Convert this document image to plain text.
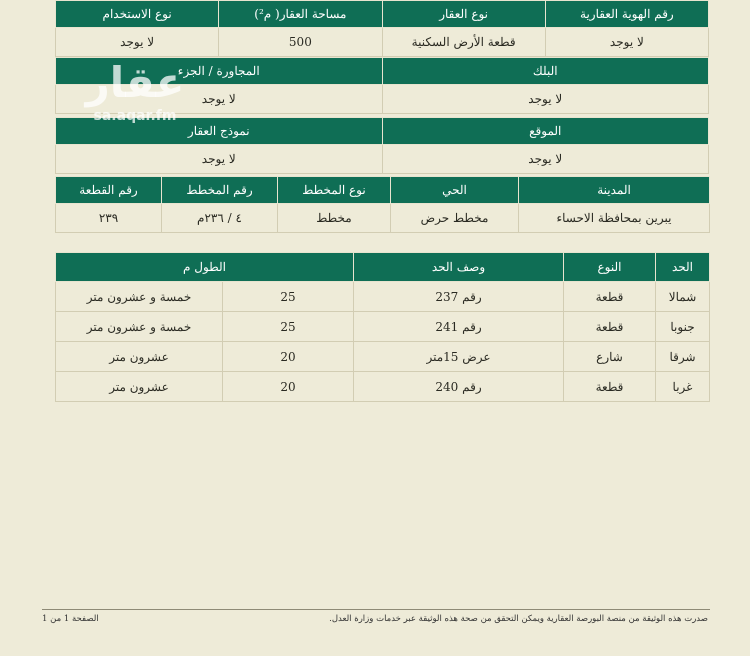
رقم الهوية العقارية	نوع العقار	مساحة العقار( م²)	نوع الاستخدام
لا يوجد	قطعة الأرض السكنية	500	لا يوجد
البلك	المجاورة / الجزء
لا يوجد	لا يوجد
الموقع	نموذج العقار
لا يوجد	لا يوجد
المدينة	الحي	نوع المخطط	رقم المخطط	رقم القطعة
يبرين بمحافظة الاحساء	مخطط حرض	مخطط	٤ / ٢٣٦م	٢٣٩
الحد	النوع	وصف الحد	الطول م	
شمالا	قطعة	رقم 237	25	خمسة و عشرون متر
جنوبا	قطعة	رقم 241	25	خمسة و عشرون متر
شرقا	شارع	عرض 15متر	20	عشرون متر
غربا	قطعة	رقم 240	20	عشرون متر
عقار
sa.aqar.fm
صدرت هذه الوثيقة من منصة البورصة العقارية ويمكن التحقق من صحة هذه الوثيقة عبر خدمات وزارة العدل.
الصفحة 1 من 1
